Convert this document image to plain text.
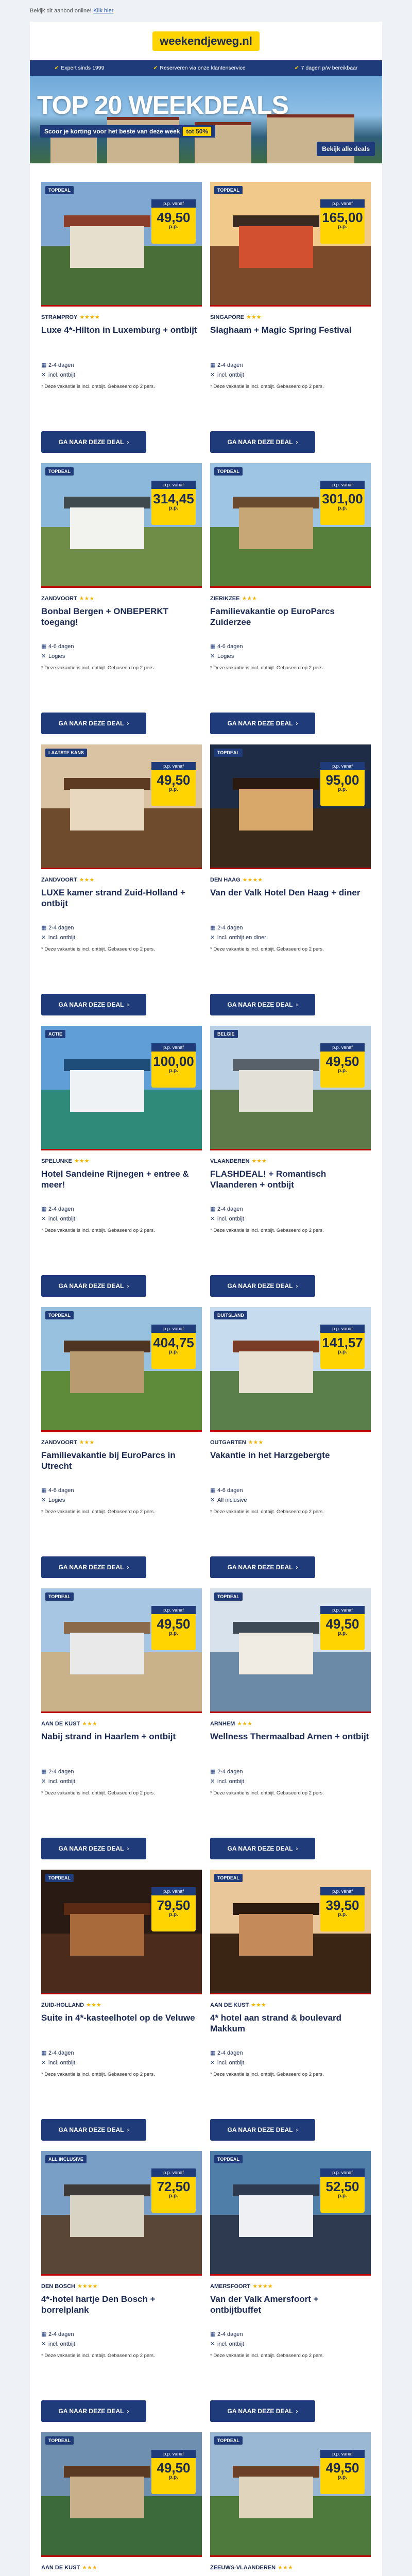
Bekijk dit aanbod online! Klik hier
weekendjeweg.nl
✔ Expert sinds 1999	✔ Reserveren via onze klantenservice	✔ 7 dagen p/w bereikbaar
TOP 20 WEEKDEALS
Scoor je korting voor het beste van deze week tot 50%
Bekijk alle deals
TOPDEAL
p.p. vanaf
49,50
p.p.
STRAMPROY ★★★★
Luxe 4*-Hilton in Luxemburg + ontbijt
▦ 2-4 dagen
✕ incl. ontbijt
* Deze vakantie is incl. ontbijt. Gebaseerd op 2 pers.
GA NAAR DEZE DEAL ›
TOPDEAL
p.p. vanaf
165,00
p.p.
SINGAPORE ★★★
Slaghaam + Magic Spring Festival
▦ 2-4 dagen
✕ incl. ontbijt
* Deze vakantie is incl. ontbijt. Gebaseerd op 2 pers.
GA NAAR DEZE DEAL ›
TOPDEAL
p.p. vanaf
314,45
p.p.
ZANDVOORT ★★★
Bonbal Bergen + ONBEPERKT toegang!
▦ 4-6 dagen
✕ Logies
* Deze vakantie is incl. ontbijt. Gebaseerd op 2 pers.
GA NAAR DEZE DEAL ›
TOPDEAL
p.p. vanaf
301,00
p.p.
ZIERIKZEE ★★★
Familievakantie op EuroParcs Zuiderzee
▦ 4-6 dagen
✕ Logies
* Deze vakantie is incl. ontbijt. Gebaseerd op 2 pers.
GA NAAR DEZE DEAL ›
LAATSTE KANS
p.p. vanaf
49,50
p.p.
ZANDVOORT ★★★
LUXE kamer strand Zuid-Holland + ontbijt
▦ 2-4 dagen
✕ incl. ontbijt
* Deze vakantie is incl. ontbijt. Gebaseerd op 2 pers.
GA NAAR DEZE DEAL ›
TOPDEAL
p.p. vanaf
95,00
p.p.
DEN HAAG ★★★★
Van der Valk Hotel Den Haag + diner
▦ 2-4 dagen
✕ incl. ontbijt en diner
* Deze vakantie is incl. ontbijt. Gebaseerd op 2 pers.
GA NAAR DEZE DEAL ›
ACTIE
p.p. vanaf
100,00
p.p.
SPELUNKE ★★★
Hotel Sandeine Rijnegen + entree & meer!
▦ 2-4 dagen
✕ incl. ontbijt
* Deze vakantie is incl. ontbijt. Gebaseerd op 2 pers.
GA NAAR DEZE DEAL ›
BELGIE
p.p. vanaf
49,50
p.p.
VLAANDEREN ★★★
FLASHDEAL! + Romantisch Vlaanderen + ontbijt
▦ 2-4 dagen
✕ incl. ontbijt
* Deze vakantie is incl. ontbijt. Gebaseerd op 2 pers.
GA NAAR DEZE DEAL ›
TOPDEAL
p.p. vanaf
404,75
p.p.
ZANDVOORT ★★★
Familievakantie bij EuroParcs in Utrecht
▦ 4-6 dagen
✕ Logies
* Deze vakantie is incl. ontbijt. Gebaseerd op 2 pers.
GA NAAR DEZE DEAL ›
DUITSLAND
p.p. vanaf
141,57
p.p.
OUTGARTEN ★★★
Vakantie in het Harzgebergte
▦ 4-6 dagen
✕ All inclusive
* Deze vakantie is incl. ontbijt. Gebaseerd op 2 pers.
GA NAAR DEZE DEAL ›
TOPDEAL
p.p. vanaf
49,50
p.p.
AAN DE KUST ★★★
Nabij strand in Haarlem + ontbijt
▦ 2-4 dagen
✕ incl. ontbijt
* Deze vakantie is incl. ontbijt. Gebaseerd op 2 pers.
GA NAAR DEZE DEAL ›
TOPDEAL
p.p. vanaf
49,50
p.p.
ARNHEM ★★★
Wellness Thermaalbad Arnen + ontbijt
▦ 2-4 dagen
✕ incl. ontbijt
* Deze vakantie is incl. ontbijt. Gebaseerd op 2 pers.
GA NAAR DEZE DEAL ›
TOPDEAL
p.p. vanaf
79,50
p.p.
ZUID-HOLLAND ★★★
Suite in 4*-kasteelhotel op de Veluwe
▦ 2-4 dagen
✕ incl. ontbijt
* Deze vakantie is incl. ontbijt. Gebaseerd op 2 pers.
GA NAAR DEZE DEAL ›
TOPDEAL
p.p. vanaf
39,50
p.p.
AAN DE KUST ★★★
4* hotel aan strand & boulevard Makkum
▦ 2-4 dagen
✕ incl. ontbijt
* Deze vakantie is incl. ontbijt. Gebaseerd op 2 pers.
GA NAAR DEZE DEAL ›
ALL INCLUSIVE
p.p. vanaf
72,50
p.p.
DEN BOSCH ★★★★
4*-hotel hartje Den Bosch + borrelplank
▦ 2-4 dagen
✕ incl. ontbijt
* Deze vakantie is incl. ontbijt. Gebaseerd op 2 pers.
GA NAAR DEZE DEAL ›
TOPDEAL
p.p. vanaf
52,50
p.p.
AMERSFOORT ★★★★
Van der Valk Amersfoort + ontbijtbuffet
▦ 2-4 dagen
✕ incl. ontbijt
* Deze vakantie is incl. ontbijt. Gebaseerd op 2 pers.
GA NAAR DEZE DEAL ›
TOPDEAL
p.p. vanaf
49,50
p.p.
AAN DE KUST ★★★
TOPDEAL
p.p. vanaf
49,50
p.p.
ZEEUWS-VLAANDEREN ★★★
